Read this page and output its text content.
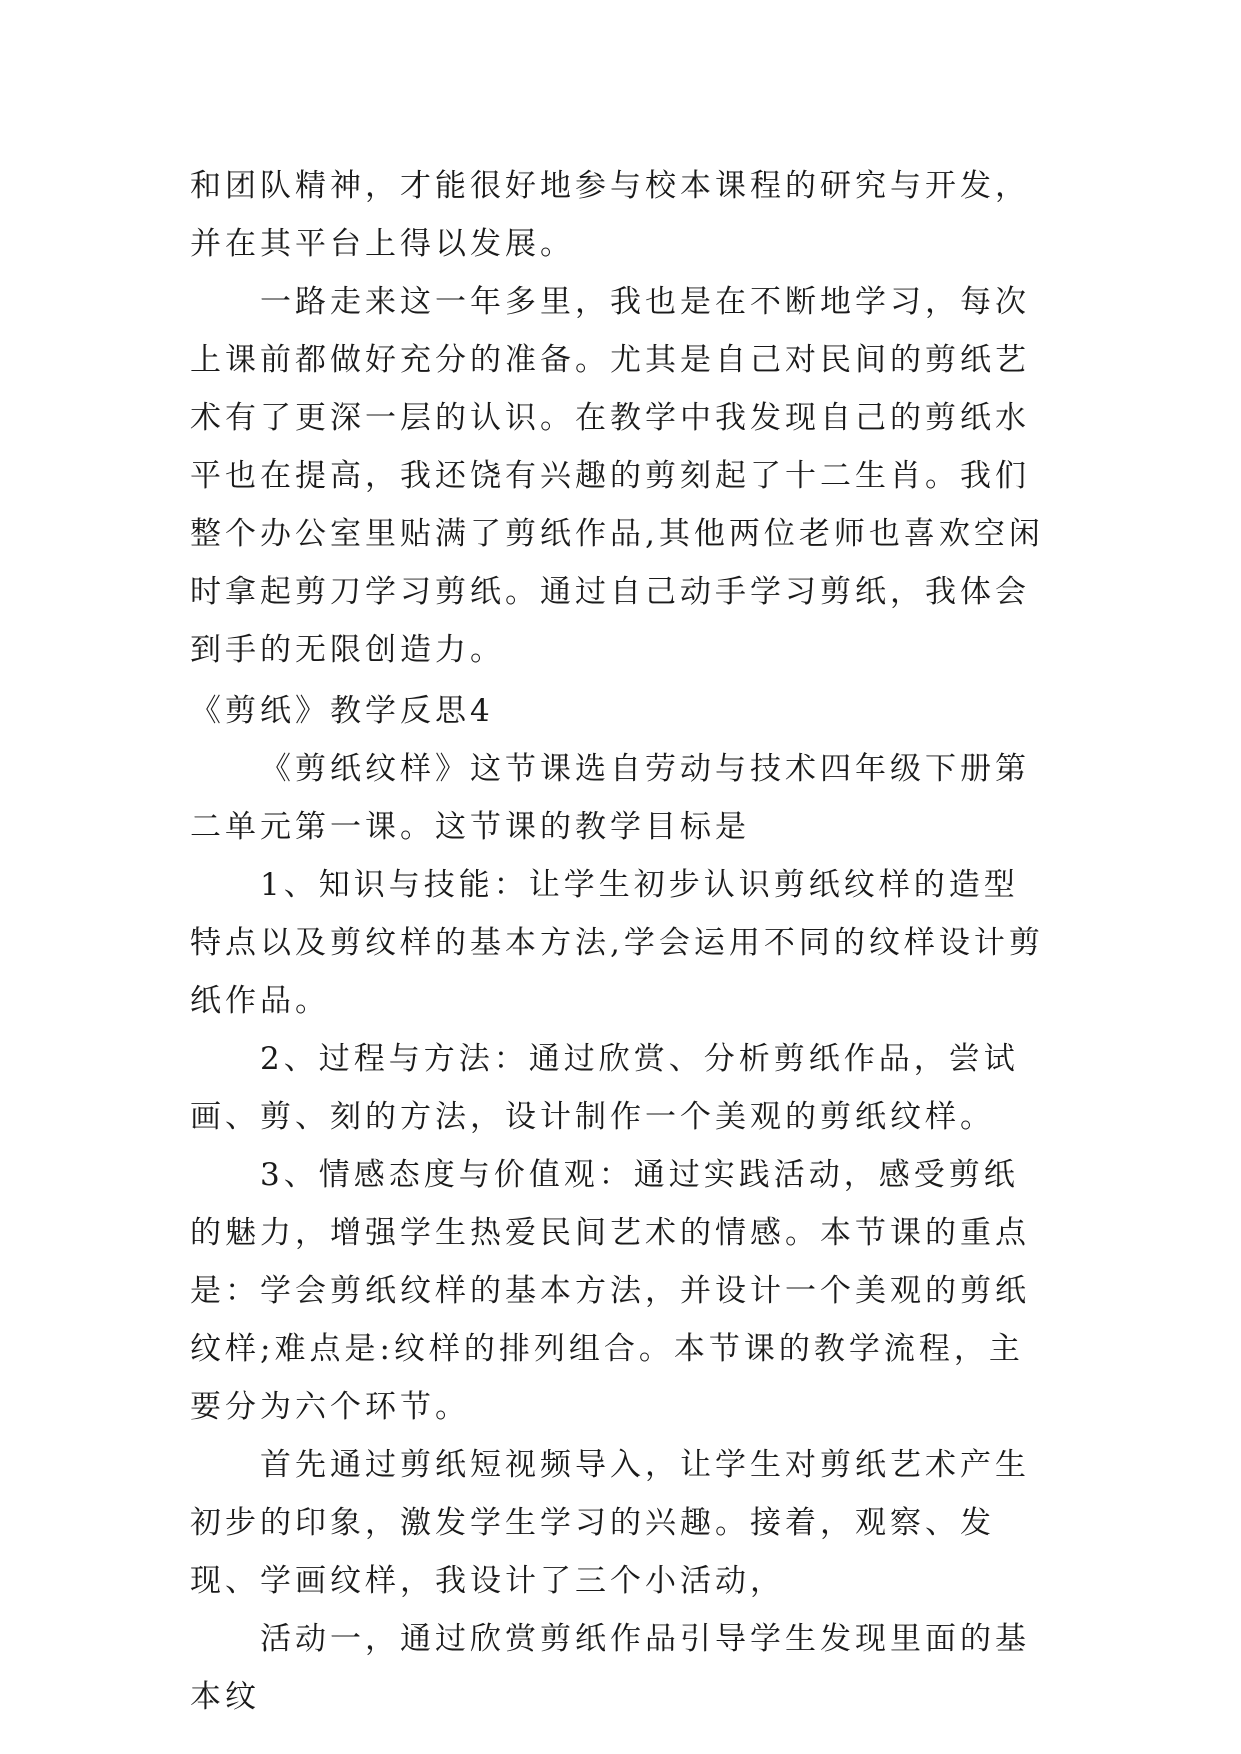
和团队精神，才能很好地参与校本课程的研究与开发，并在其平台上得以发展。

一路走来这一年多里，我也是在不断地学习，每次上课前都做好充分的准备。尤其是自己对民间的剪纸艺术有了更深一层的认识。在教学中我发现自己的剪纸水平也在提高，我还饶有兴趣的剪刻起了十二生肖。我们整个办公室里贴满了剪纸作品,其他两位老师也喜欢空闲时拿起剪刀学习剪纸。通过自己动手学习剪纸，我体会到手的无限创造力。

《剪纸》教学反思4

《剪纸纹样》这节课选自劳动与技术四年级下册第二单元第一课。这节课的教学目标是

1、知识与技能：让学生初步认识剪纸纹样的造型特点以及剪纹样的基本方法,学会运用不同的纹样设计剪纸作品。

2、过程与方法：通过欣赏、分析剪纸作品，尝试画、剪、刻的方法，设计制作一个美观的剪纸纹样。

3、情感态度与价值观：通过实践活动，感受剪纸的魅力，增强学生热爱民间艺术的情感。本节课的重点是：学会剪纸纹样的基本方法，并设计一个美观的剪纸纹样;难点是:纹样的排列组合。本节课的教学流程，主要分为六个环节。

首先通过剪纸短视频导入，让学生对剪纸艺术产生初步的印象，激发学生学习的兴趣。接着，观察、发现、学画纹样，我设计了三个小活动，

活动一，通过欣赏剪纸作品引导学生发现里面的基本纹
